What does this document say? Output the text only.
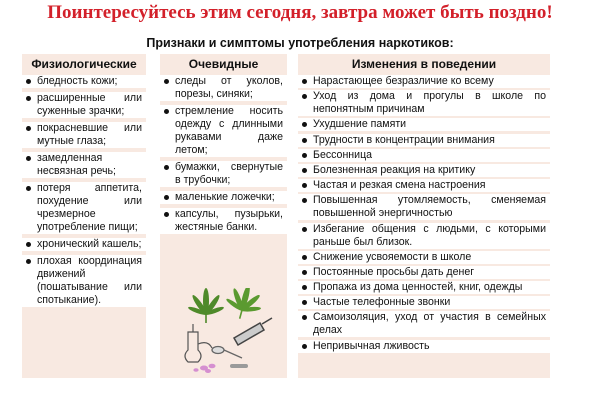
Поинтересуйтесь этим сегодня, завтра может быть поздно!
Признаки и симптомы употребления наркотиков:
Физиологические
бледность кожи;
расширенные или суженные зрачки;
покрасневшие или мутные глаза;
замедленная несвязная речь;
потеря аппетита, похудение или чрезмерное употребление пищи;
хронический кашель;
плохая координация движений (пошатывание или спотыкание).
Очевидные
следы от уколов, порезы, синяки;
стремление носить одежду с длинными рукавами даже летом;
бумажки, свернутые в трубочки;
маленькие ложечки;
капсулы, пузырьки, жестяные банки.
Изменения в поведении
Нарастающее безразличие ко всему
Уход из дома и прогулы в школе по непонятным причинам
Ухудшение памяти
Трудности в концентрации внимания
Бессонница
Болезненная реакция на критику
Частая и резкая смена настроения
Повышенная утомляемость, сменяемая повышенной энергичностью
Избегание общения с людьми, с которыми раньше был близок.
Снижение усвояемости в школе
Постоянные просьбы дать денег
Пропажа из дома ценностей, книг, одежды
Частые телефонные звонки
Самоизоляция, уход от участия в семейных делах
Непривычная лживость
